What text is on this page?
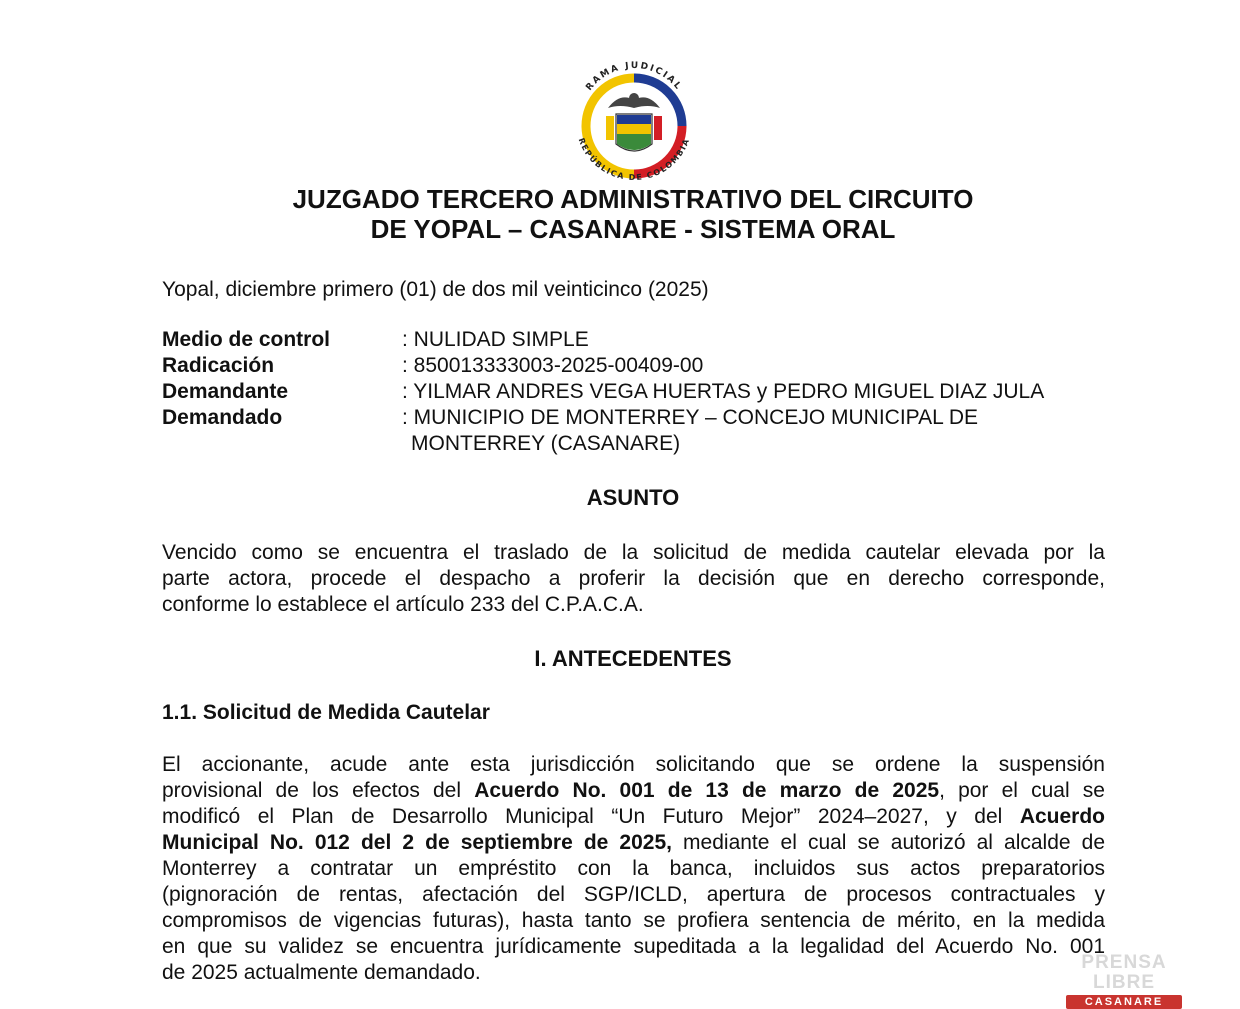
RAMA JUDICIAL
REPÚBLICA DE COLOMBIA
JUZGADO TERCERO ADMINISTRATIVO DEL CIRCUITO
DE YOPAL – CASANARE - SISTEMA ORAL

Yopal, diciembre primero (01) de dos mil veinticinco (2025)

Medio de control	: NULIDAD SIMPLE
Radicación	: 850013333003-2025-00409-00
Demandante	: YILMAR ANDRES VEGA HUERTAS y PEDRO MIGUEL DIAZ JULA
Demandado	: MUNICIPIO DE MONTERREY – CONCEJO MUNICIPAL DE
MONTERREY (CASANARE)
ASUNTO
Vencido como se encuentra el traslado de la solicitud de medida cautelar elevada por la
parte actora, procede el despacho a proferir la decisión que en derecho corresponde,
conforme lo establece el artículo 233 del C.P.A.C.A.
I. ANTECEDENTES
1.1. Solicitud de Medida Cautelar
El accionante, acude ante esta jurisdicción solicitando que se ordene la suspensión
provisional de los efectos del Acuerdo No. 001 de 13 de marzo de 2025, por el cual se
modificó el Plan de Desarrollo Municipal “Un Futuro Mejor” 2024–2027, y del Acuerdo
Municipal No. 012 del 2 de septiembre de 2025, mediante el cual se autorizó al alcalde de
Monterrey a contratar un empréstito con la banca, incluidos sus actos preparatorios
(pignoración de rentas, afectación del SGP/ICLD, apertura de procesos contractuales y
compromisos de vigencias futuras), hasta tanto se profiera sentencia de mérito, en la medida
en que su validez se encuentra jurídicamente supeditada a la legalidad del Acuerdo No. 001
de 2025 actualmente demandado.	PRENSA LIBRE
CASANARE
